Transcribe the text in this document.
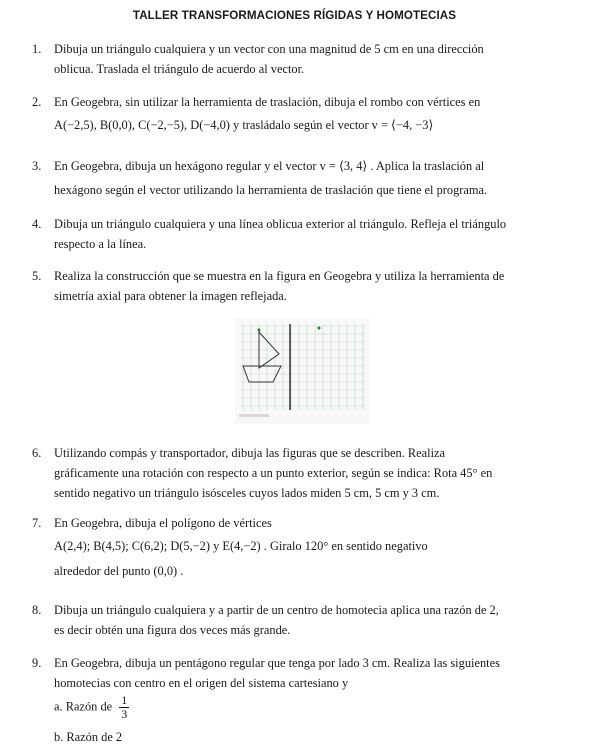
TALLER TRANSFORMACIONES RÍGIDAS Y HOMOTECIAS
1. Dibuja un triángulo cualquiera y un vector con una magnitud de 5 cm en una dirección
oblicua. Traslada el triángulo de acuerdo al vector.
2. En Geogebra, sin utilizar la herramienta de traslación, dibuja el rombo con vértices en
A(−2,5), B(0,0), C(−2,−5), D(−4,0) y trasládalo según el vector v = ⟨−4, −3⟩
3. En Geogebra, dibuja un hexágono regular y el vector v = ⟨3, 4⟩ . Aplica la traslación al
hexágono según el vector utilizando la herramienta de traslación que tiene el programa.
4. Dibuja un triángulo cualquiera y una línea oblicua exterior al triángulo. Refleja el triángulo
respecto a la línea.
5. Realiza la construcción que se muestra en la figura en Geogebra y utiliza la herramienta de
simetría axial para obtener la imagen reflejada.
6. Utilizando compás y transportador, dibuja las figuras que se describen. Realiza
gráficamente una rotación con respecto a un punto exterior, según se indica: Rota 45° en
sentido negativo un triángulo isósceles cuyos lados miden 5 cm, 5 cm y 3 cm.
7. En Geogebra, dibuja el polígono de vértices
A(2,4); B(4,5); C(6,2); D(5,−2) y E(4,−2) . Giralo 120° en sentido negativo
alrededor del punto (0,0) .
8. Dibuja un triángulo cualquiera y a partir de un centro de homotecia aplica una razón de 2,
es decir obtén una figura dos veces más grande.
9. En Geogebra, dibuja un pentágono regular que tenga por lado 3 cm. Realiza las siguientes
homotecias con centro en el origen del sistema cartesiano y
a. Razón de $\frac{1}{3}$
b. Razón de 2
